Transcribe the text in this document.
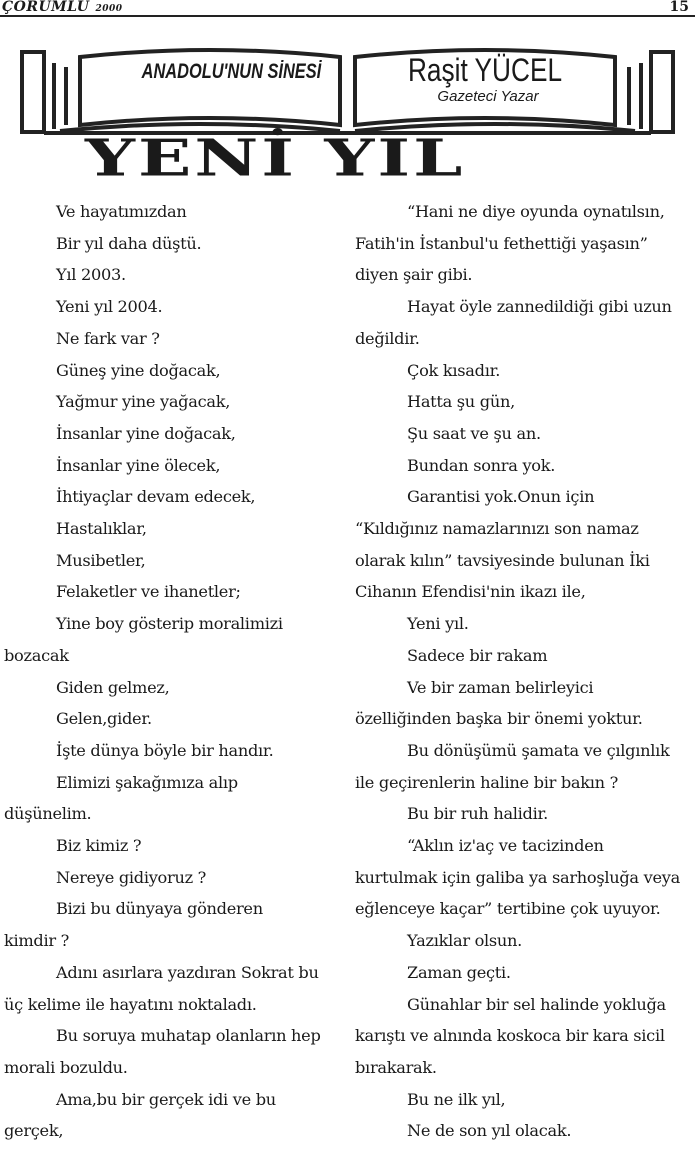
ÇORUMLU 2000	15
ANADOLU'NUN SİNESİ	Raşit YÜCEL
Gazeteci Yazar
YENİ YIL
Ve hayatımızdan
Bir yıl daha düştü.
Yıl 2003.
Yeni yıl 2004.
Ne fark var ?
Güneş yine doğacak,
Yağmur yine yağacak,
İnsanlar yine doğacak,
İnsanlar yine ölecek,
İhtiyaçlar devam edecek,
Hastalıklar,
Musibetler,
Felaketler ve ihanetler;
Yine boy gösterip moralimizi
bozacak
Giden gelmez,
Gelen,gider.
İşte dünya böyle bir handır.
Elimizi şakağımıza alıp
düşünelim.
Biz kimiz ?
Nereye gidiyoruz ?
Bizi bu dünyaya gönderen
kimdir ?
Adını asırlara yazdıran Sokrat bu
üç kelime ile hayatını noktaladı.
Bu soruya muhatap olanların hep
morali bozuldu.
Ama,bu bir gerçek idi ve bu
gerçek,
“Hani ne diye oyunda oynatılsın,
Fatih'in İstanbul'u fethettiği yaşasın”
diyen şair gibi.
Hayat öyle zannedildiği gibi uzun
değildir.
Çok kısadır.
Hatta şu gün,
Şu saat ve şu an.
Bundan sonra yok.
Garantisi yok.Onun için
“Kıldığınız namazlarınızı son namaz
olarak kılın” tavsiyesinde bulunan İki
Cihanın Efendisi'nin ikazı ile,
Yeni yıl.
Sadece bir rakam
Ve bir zaman belirleyici
özelliğinden başka bir önemi yoktur.
Bu dönüşümü şamata ve çılgınlık
ile geçirenlerin haline bir bakın ?
Bu bir ruh halidir.
“Aklın iz'aç ve tacizinden
kurtulmak için galiba ya sarhoşluğa veya
eğlenceye kaçar” tertibine çok uyuyor.
Yazıklar olsun.
Zaman geçti.
Günahlar bir sel halinde yokluğa
karıştı ve alnında koskoca bir kara sicil
bırakarak.
Bu ne ilk yıl,
Ne de son yıl olacak.
